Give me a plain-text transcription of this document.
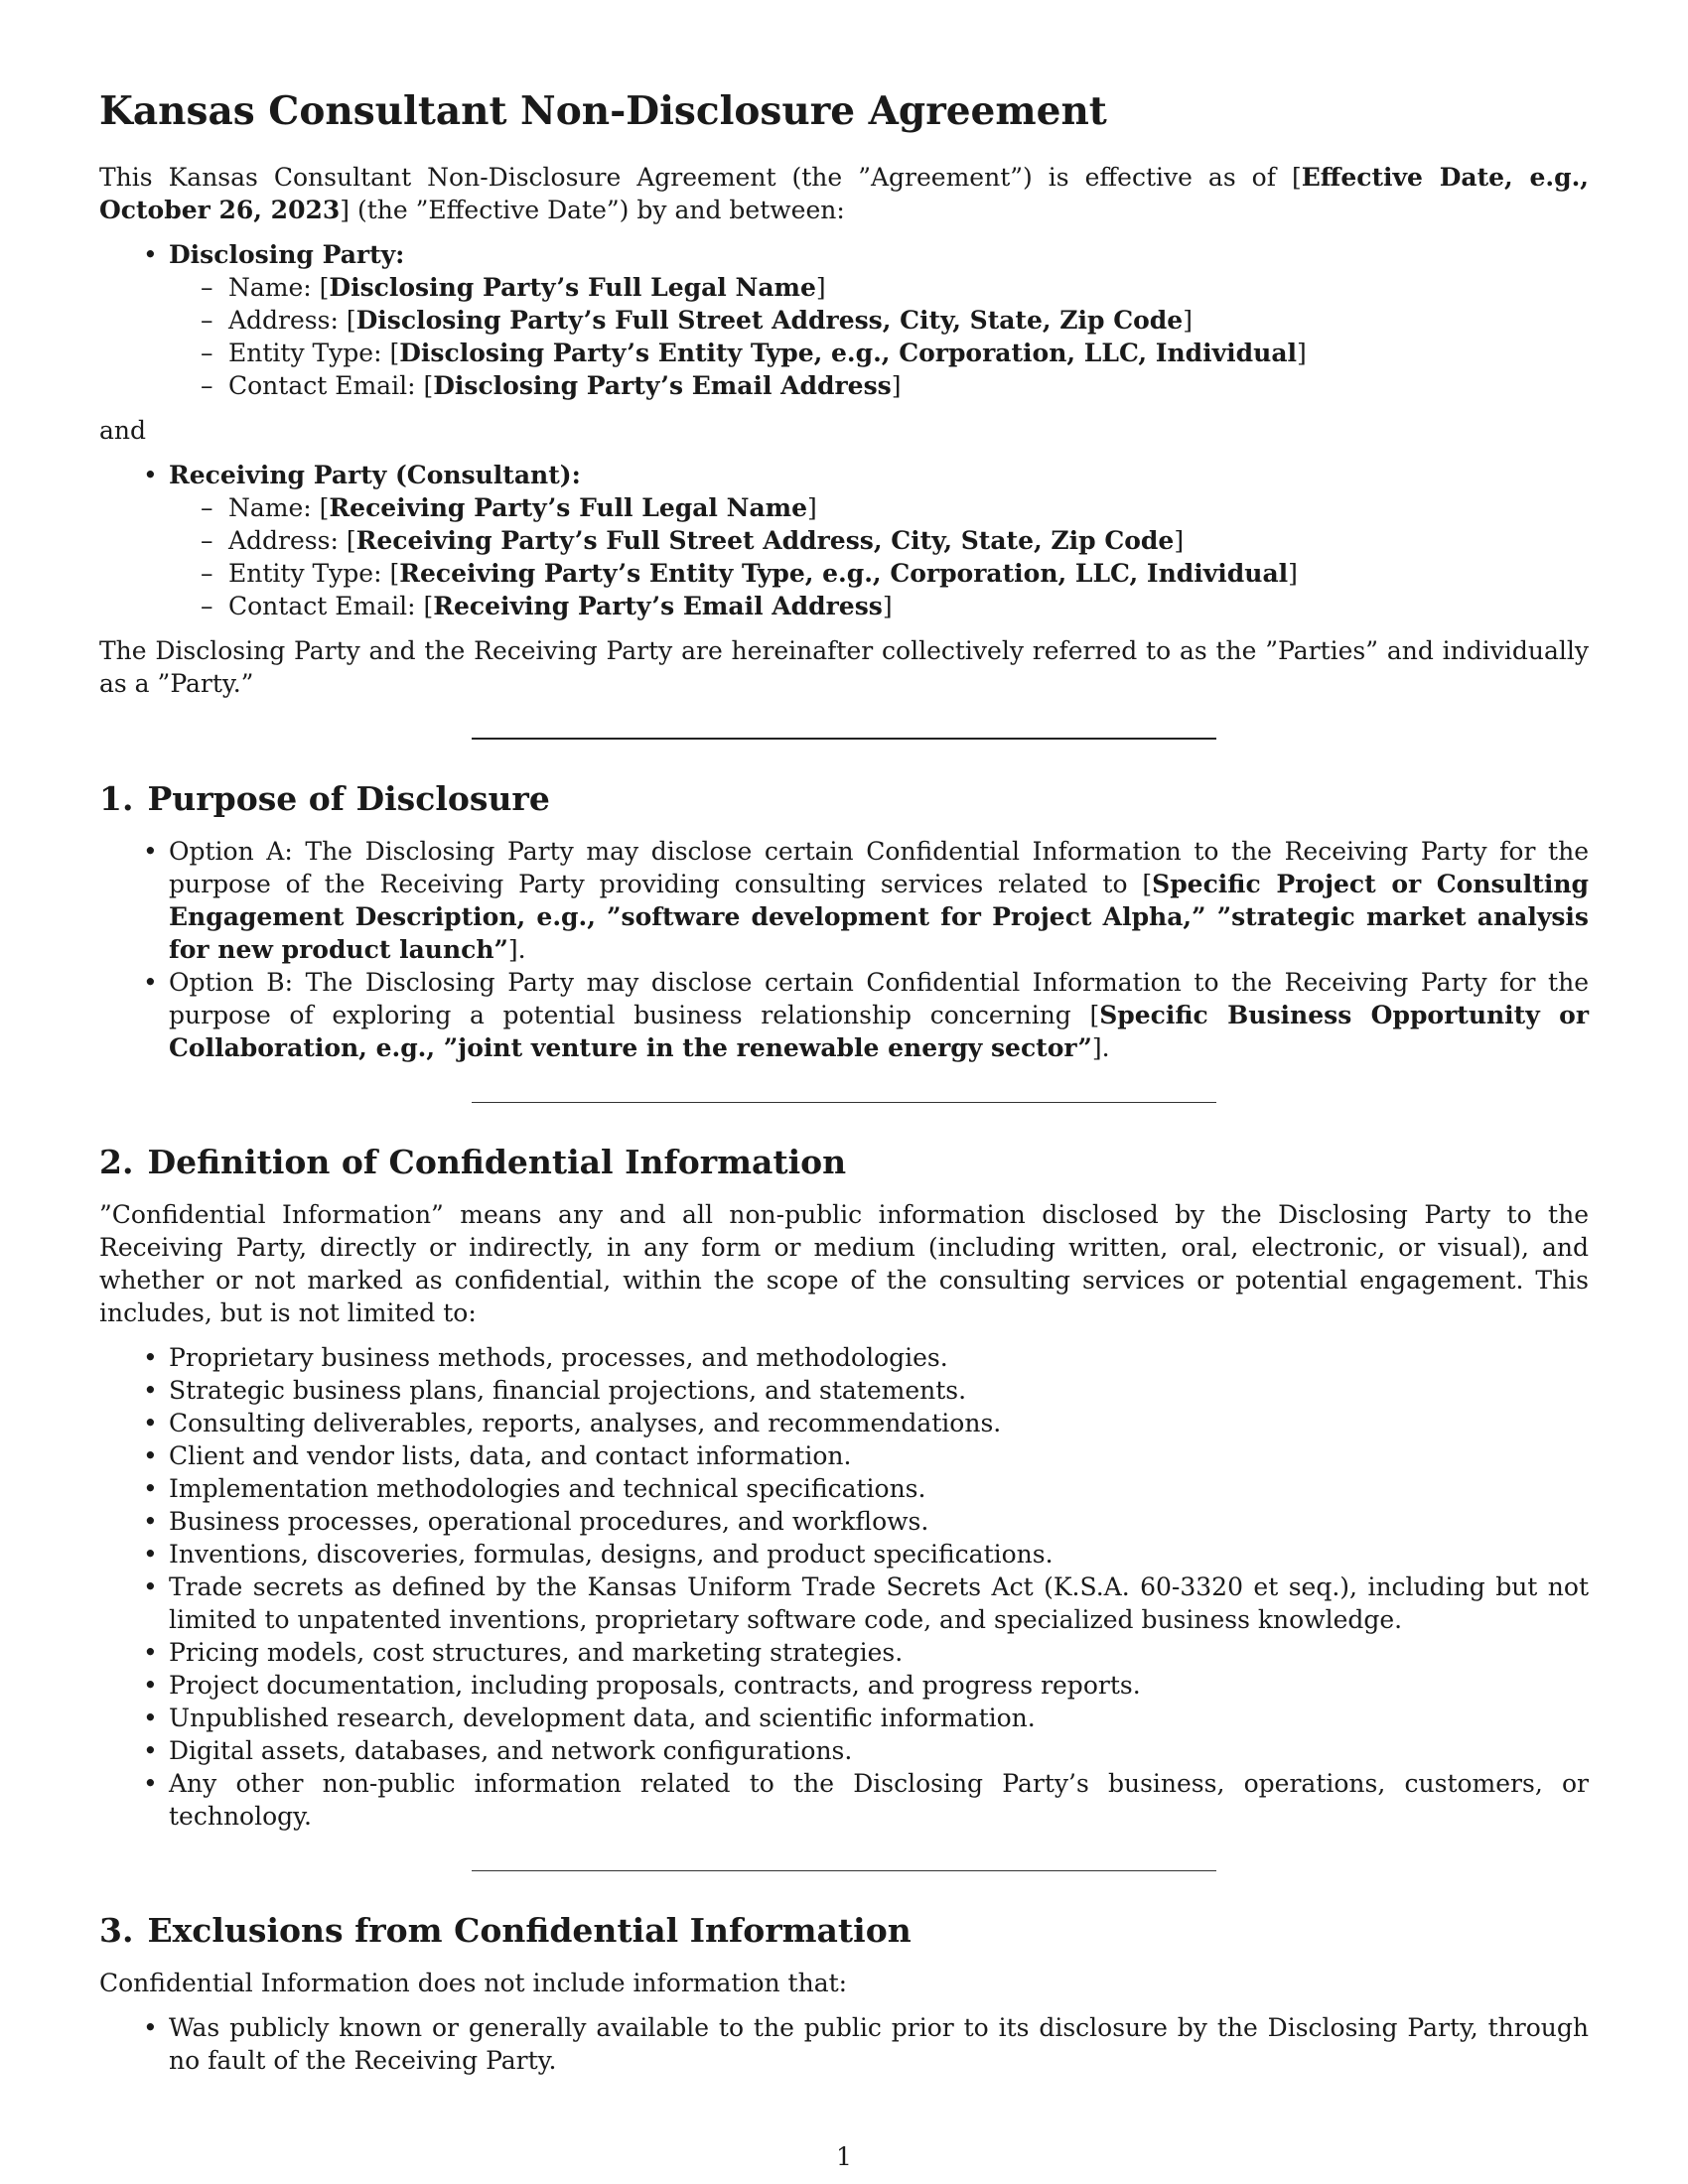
Kansas Consultant Non-Disclosure Agreement

This Kansas Consultant Non-Disclosure Agreement (the ”Agreement”) is effective as of [Effective Date, e.g., October 26, 2023] (the ”Effective Date”) by and between:

• Disclosing Party:
– Name: [Disclosing Party’s Full Legal Name]
– Address: [Disclosing Party’s Full Street Address, City, State, Zip Code]
– Entity Type: [Disclosing Party’s Entity Type, e.g., Corporation, LLC, Individual]
– Contact Email: [Disclosing Party’s Email Address]
and
• Receiving Party (Consultant):
– Name: [Receiving Party’s Full Legal Name]
– Address: [Receiving Party’s Full Street Address, City, State, Zip Code]
– Entity Type: [Receiving Party’s Entity Type, e.g., Corporation, LLC, Individual]
– Contact Email: [Receiving Party’s Email Address]

The Disclosing Party and the Receiving Party are hereinafter collectively referred to as the ”Parties” and individually as a ”Party.”

1. Purpose of Disclosure
• Option A: The Disclosing Party may disclose certain Confidential Information to the Receiving Party for the purpose of the Receiving Party providing consulting services related to [Specific Project or Consulting Engagement Description, e.g., ”software development for Project Alpha,” ”strategic market analysis for new product launch”].
• Option B: The Disclosing Party may disclose certain Confidential Information to the Receiving Party for the purpose of exploring a potential business relationship concerning [Specific Business Opportunity or Collaboration, e.g., ”joint venture in the renewable energy sector”].
2. Definition of Confidential Information

”Confidential Information” means any and all non-public information disclosed by the Disclosing Party to the Receiving Party, directly or indirectly, in any form or medium (including written, oral, electronic, or visual), and whether or not marked as confidential, within the scope of the consulting services or potential engagement. This includes, but is not limited to:

• Proprietary business methods, processes, and methodologies.
• Strategic business plans, financial projections, and statements.
• Consulting deliverables, reports, analyses, and recommendations.
• Client and vendor lists, data, and contact information.
• Implementation methodologies and technical specifications.
• Business processes, operational procedures, and workflows.
• Inventions, discoveries, formulas, designs, and product specifications.
• Trade secrets as defined by the Kansas Uniform Trade Secrets Act (K.S.A. 60-3320 et seq.), including but not limited to unpatented inventions, proprietary software code, and specialized business knowledge.
• Pricing models, cost structures, and marketing strategies.
• Project documentation, including proposals, contracts, and progress reports.
• Unpublished research, development data, and scientific information.
• Digital assets, databases, and network configurations.
• Any other non-public information related to the Disclosing Party’s business, operations, customers, or technology.
3. Exclusions from Confidential Information

Confidential Information does not include information that:

• Was publicly known or generally available to the public prior to its disclosure by the Disclosing Party, through no fault of the Receiving Party.
1
